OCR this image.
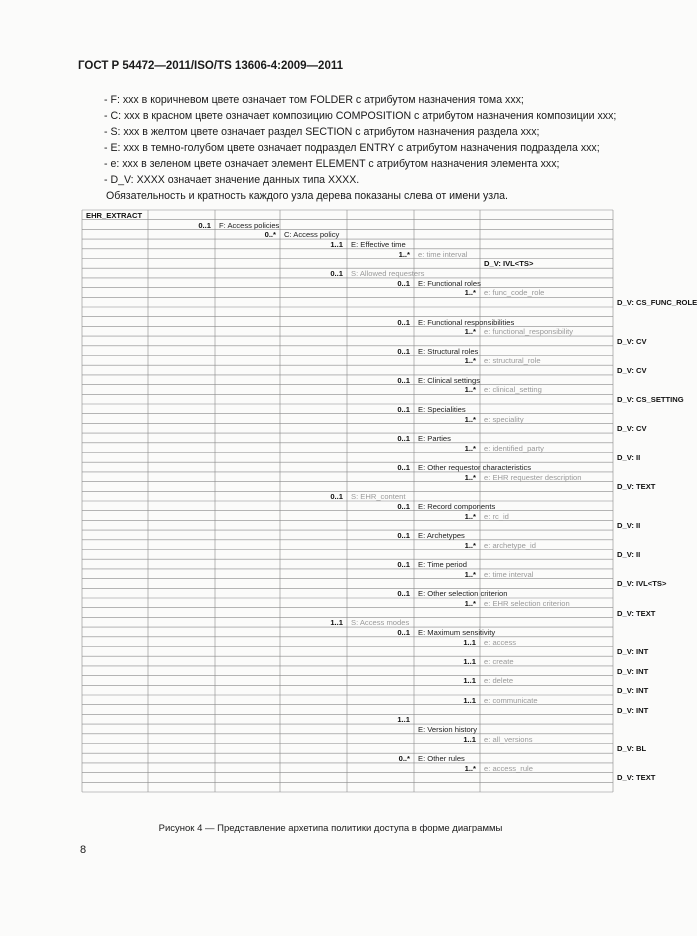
ГОСТ Р 54472—2011/ISO/TS 13606-4:2009—2011
- F: xxx в коричневом цвете означает том FOLDER с атрибутом назначения тома xxx;
- C: xxx в красном цвете означает композицию COMPOSITION с атрибутом назначения композиции xxx;
- S: xxx в желтом цвете означает раздел SECTION с атрибутом назначения раздела xxx;
- E: xxx в темно-голубом цвете означает подраздел ENTRY с атрибутом назначения подраздела xxx;
- e: xxx в зеленом цвете означает элемент ELEMENT с атрибутом назначения элемента xxx;
- D_V: XXXX означает значение данных типа XXXX.
Обязательность и кратность каждого узла дерева показаны слева от имени узла.
EHR_EXTRACT
0..1 F: Access policies
0..* C: Access policy
1..1 E: Effective time
1..* e: time interval
D_V: IVL<TS>
0..1 S: Allowed requesters
0..1 E: Functional roles
1..* e: func_code_role
D_V: CS_FUNC_ROLE
0..1 E: Functional responsibilities
1..* e: functional_responsibility
D_V: CV
0..1 E: Structural roles
1..* e: structural_role
D_V: CV
0..1 E: Clinical settings
1..* e: clinical_setting
D_V: CS_SETTING
0..1 E: Specialities
1..* e: speciality
D_V: CV
0..1 E: Parties
1..* e: identified_party
D_V: II
0..1 E: Other requestor characteristics
1..* e: EHR requester description
D_V: TEXT
0..1 S: EHR_content
0..1 E: Record components
1..* e: rc_id
D_V: II
0..1 E: Archetypes
1..* e: archetype_id
D_V: II
0..1 E: Time period
1..* e: time interval
D_V: IVL<TS>
0..1 E: Other selection criterion
1..* e: EHR selection criterion
D_V: TEXT
1..1 S: Access modes
0..1 E: Maximum sensitivity
1..1 e: access
D_V: INT
1..1 e: create
D_V: INT
1..1 e: delete
D_V: INT
1..1 e: communicate
D_V: INT
1..1
E: Version history
1..1 e: all_versions
D_V: BL
0..* E: Other rules
1..* e: access_rule
D_V: TEXT
Рисунок 4 — Представление архетипа политики доступа в форме диаграммы
8
